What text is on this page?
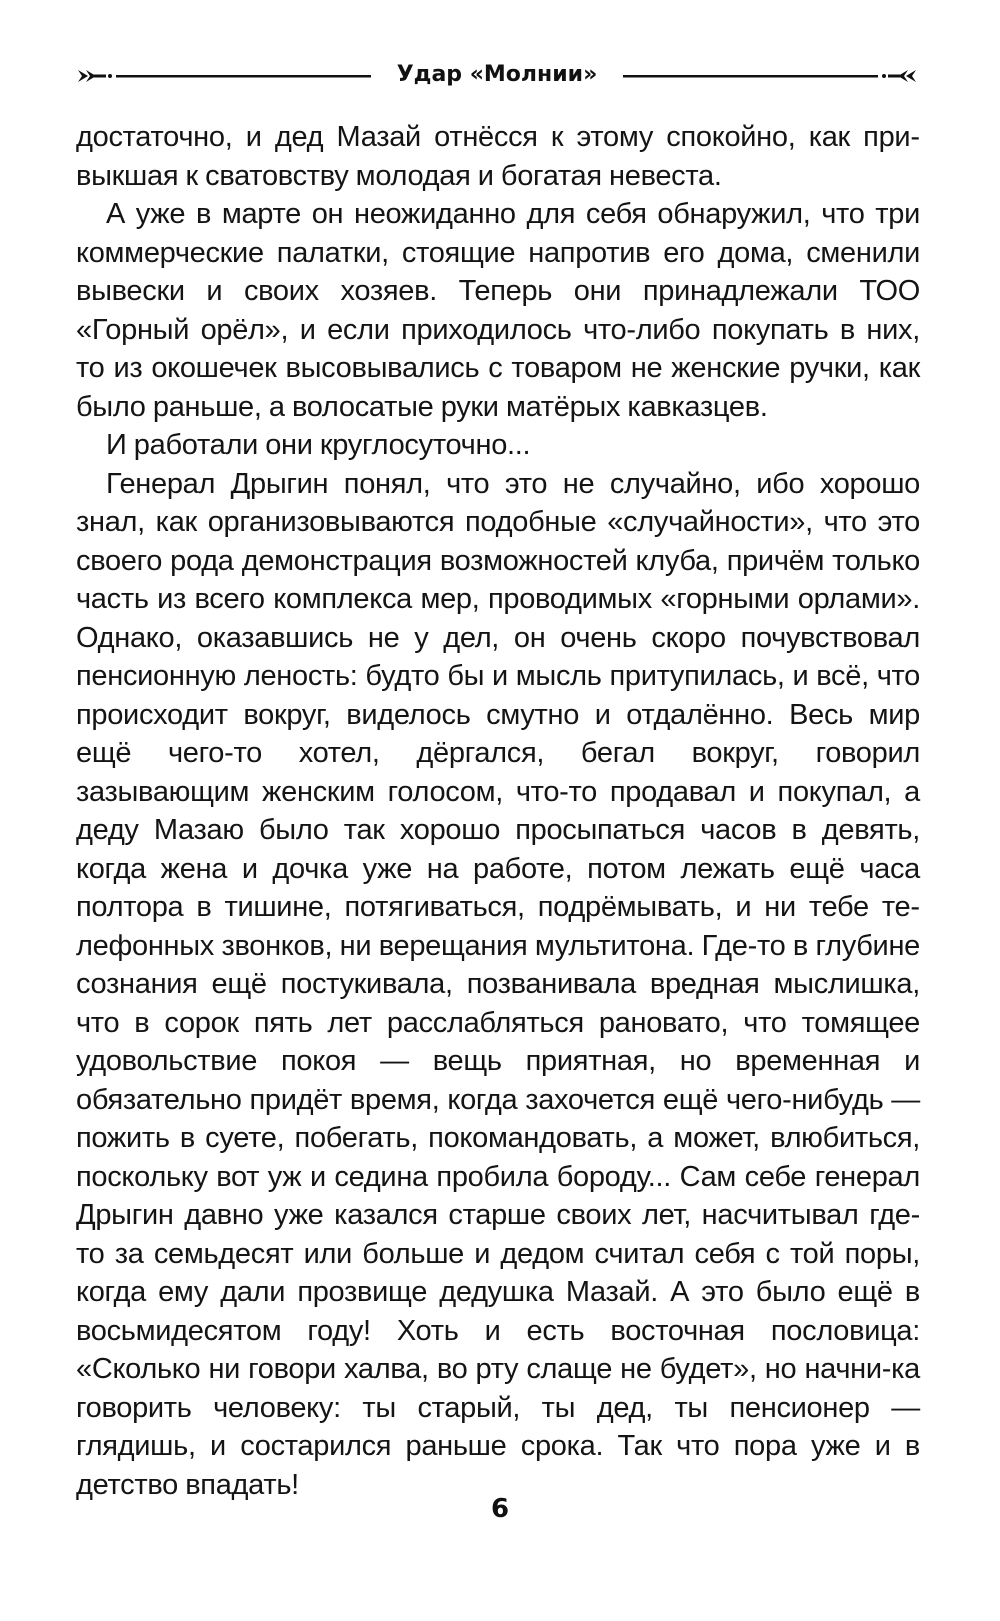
Удар «Молнии»

достаточно, и дед Мазай отнёсся к этому спокойно, как привыкшая к сватовству молодая и богатая невеста.

А уже в марте он неожиданно для себя обнаружил, что три коммерческие палатки, стоящие напротив его дома, сменили вывески и своих хозяев. Теперь они принадлежали ТОО «Горный орёл», и если приходилось что-либо покупать в них, то из окошечек высовывались с товаром не женские ручки, как было раньше, а волосатые руки матёрых кавказцев.

И работали они круглосуточно...

Генерал Дрыгин понял, что это не случайно, ибо хорошо знал, как организовываются подобные «случайности», что это своего рода демонстрация возможностей клуба, причём только часть из всего комплекса мер, проводимых «горными орлами». Однако, оказавшись не у дел, он очень скоро почувствовал пенсионную леность: будто бы и мысль притупилась, и всё, что происходит вокруг, виделось смутно и отдалённо. Весь мир ещё чего-то хотел, дёргался, бегал вокруг, говорил зазывающим женским голосом, что-то продавал и покупал, а деду Мазаю было так хорошо просыпаться часов в девять, когда жена и дочка уже на работе, потом лежать ещё часа полтора в тишине, потягиваться, подрёмывать, и ни тебе телефонных звонков, ни верещания мультитона. Где-то в глубине сознания ещё постукивала, позванивала вредная мыслишка, что в сорок пять лет расслабляться рановато, что томящее удовольствие покоя — вещь приятная, но временная и обязательно придёт время, когда захочется ещё чего-нибудь — пожить в суете, побегать, покомандовать, а может, влюбиться, поскольку вот уж и седина пробила бороду... Сам себе генерал Дрыгин давно уже казался старше своих лет, насчитывал где-то за семьдесят или больше и дедом считал себя с той поры, когда ему дали прозвище дедушка Мазай. А это было ещё в восьмидесятом году! Хоть и есть восточная пословица: «Сколько ни говори халва, во рту слаще не будет», но начни-ка говорить человеку: ты старый, ты дед, ты пенсионер — глядишь, и состарился раньше срока. Так что пора уже и в детство впадать!

6
